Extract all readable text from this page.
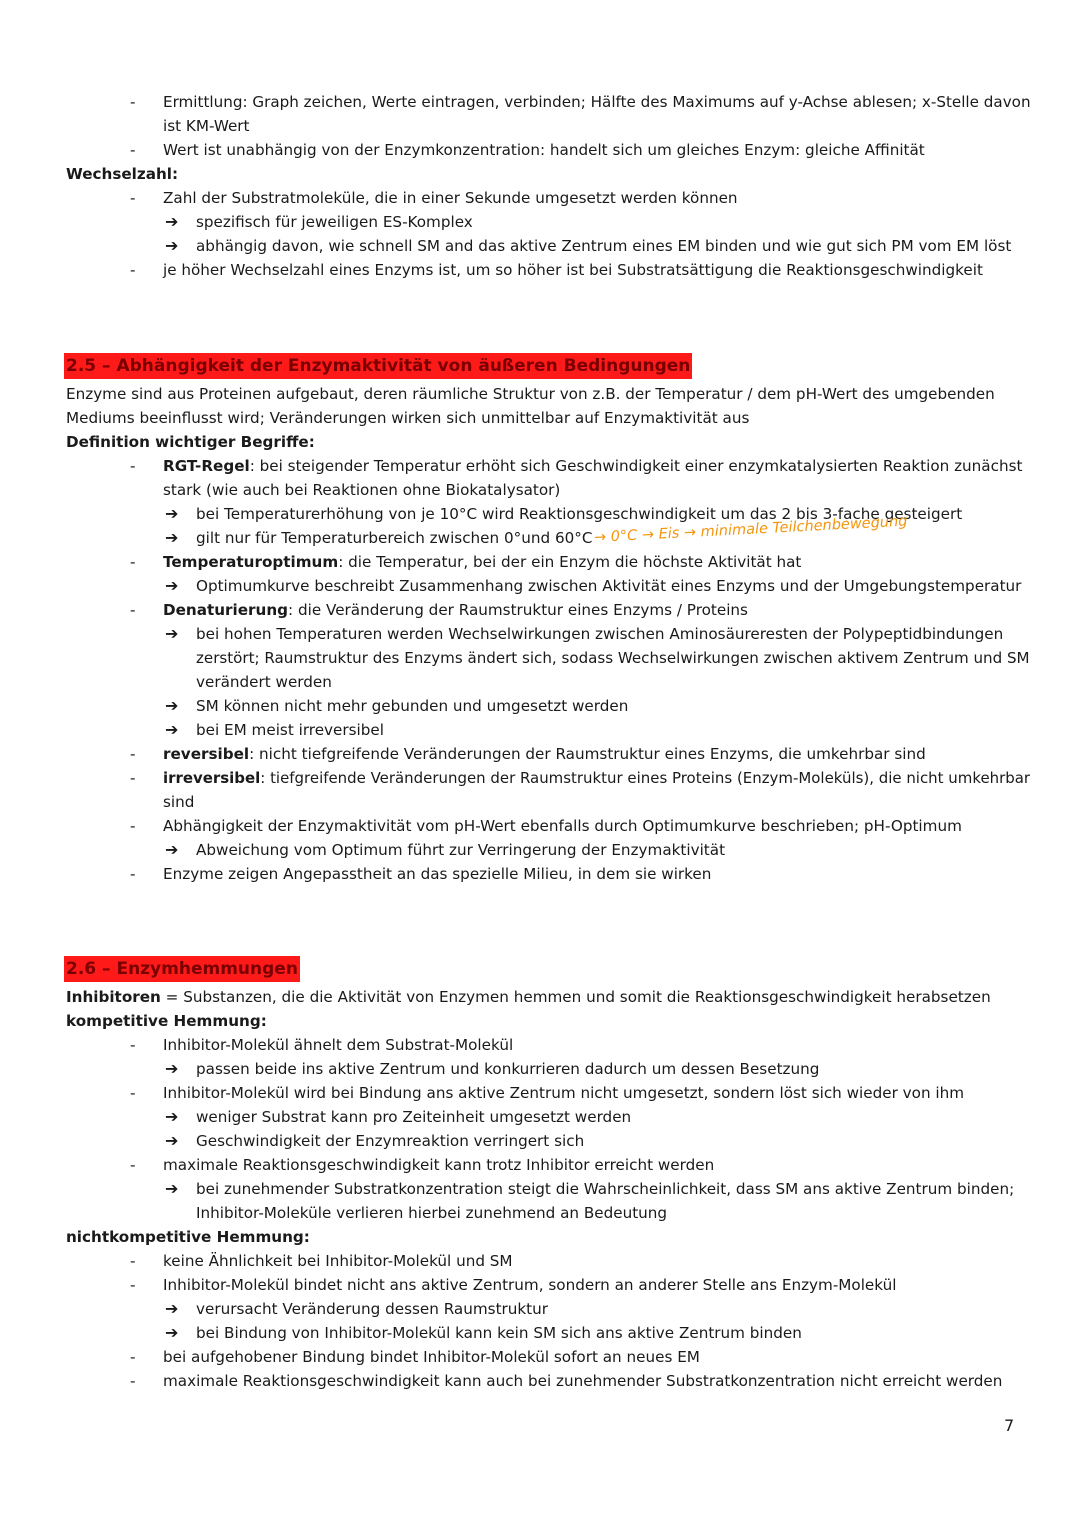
- Ermittlung: Graph zeichen, Werte eintragen, verbinden; Hälfte des Maximums auf y-Achse ablesen; x-Stelle davon
ist KM-Wert
- Wert ist unabhängig von der Enzymkonzentration: handelt sich um gleiches Enzym: gleiche Affinität
Wechselzahl:
- Zahl der Substratmoleküle, die in einer Sekunde umgesetzt werden können
➔ spezifisch für jeweiligen ES-Komplex
➔ abhängig davon, wie schnell SM and das aktive Zentrum eines EM binden und wie gut sich PM vom EM löst
- je höher Wechselzahl eines Enzyms ist, um so höher ist bei Substratsättigung die Reaktionsgeschwindigkeit
2.5 – Abhängigkeit der Enzymaktivität von äußeren Bedingungen
Enzyme sind aus Proteinen aufgebaut, deren räumliche Struktur von z.B. der Temperatur / dem pH-Wert des umgebenden
Mediums beeinflusst wird; Veränderungen wirken sich unmittelbar auf Enzymaktivität aus
Definition wichtiger Begriffe:
- RGT-Regel: bei steigender Temperatur erhöht sich Geschwindigkeit einer enzymkatalysierten Reaktion zunächst
stark (wie auch bei Reaktionen ohne Biokatalysator)
➔ bei Temperaturerhöhung von je 10°C wird Reaktionsgeschwindigkeit um das 2 bis 3-fache gesteigert
➔ gilt nur für Temperaturbereich zwischen 0°und 60°C → 0°C → Eis → minimale Teilchenbewegung
- Temperaturoptimum: die Temperatur, bei der ein Enzym die höchste Aktivität hat
➔ Optimumkurve beschreibt Zusammenhang zwischen Aktivität eines Enzyms und der Umgebungstemperatur
- Denaturierung: die Veränderung der Raumstruktur eines Enzyms / Proteins
➔ bei hohen Temperaturen werden Wechselwirkungen zwischen Aminosäureresten der Polypeptidbindungen
zerstört; Raumstruktur des Enzyms ändert sich, sodass Wechselwirkungen zwischen aktivem Zentrum und SM
verändert werden
➔ SM können nicht mehr gebunden und umgesetzt werden
➔ bei EM meist irreversibel
- reversibel: nicht tiefgreifende Veränderungen der Raumstruktur eines Enzyms, die umkehrbar sind
- irreversibel: tiefgreifende Veränderungen der Raumstruktur eines Proteins (Enzym-Moleküls), die nicht umkehrbar
sind
- Abhängigkeit der Enzymaktivität vom pH-Wert ebenfalls durch Optimumkurve beschrieben; pH-Optimum
➔ Abweichung vom Optimum führt zur Verringerung der Enzymaktivität
- Enzyme zeigen Angepasstheit an das spezielle Milieu, in dem sie wirken
2.6 – Enzymhemmungen
Inhibitoren = Substanzen, die die Aktivität von Enzymen hemmen und somit die Reaktionsgeschwindigkeit herabsetzen
kompetitive Hemmung:
- Inhibitor-Molekül ähnelt dem Substrat-Molekül
➔ passen beide ins aktive Zentrum und konkurrieren dadurch um dessen Besetzung
- Inhibitor-Molekül wird bei Bindung ans aktive Zentrum nicht umgesetzt, sondern löst sich wieder von ihm
➔ weniger Substrat kann pro Zeiteinheit umgesetzt werden
➔ Geschwindigkeit der Enzymreaktion verringert sich
- maximale Reaktionsgeschwindigkeit kann trotz Inhibitor erreicht werden
➔ bei zunehmender Substratkonzentration steigt die Wahrscheinlichkeit, dass SM ans aktive Zentrum binden;
Inhibitor-Moleküle verlieren hierbei zunehmend an Bedeutung
nichtkompetitive Hemmung:
- keine Ähnlichkeit bei Inhibitor-Molekül und SM
- Inhibitor-Molekül bindet nicht ans aktive Zentrum, sondern an anderer Stelle ans Enzym-Molekül
➔ verursacht Veränderung dessen Raumstruktur
➔ bei Bindung von Inhibitor-Molekül kann kein SM sich ans aktive Zentrum binden
- bei aufgehobener Bindung bindet Inhibitor-Molekül sofort an neues EM
- maximale Reaktionsgeschwindigkeit kann auch bei zunehmender Substratkonzentration nicht erreicht werden
7
